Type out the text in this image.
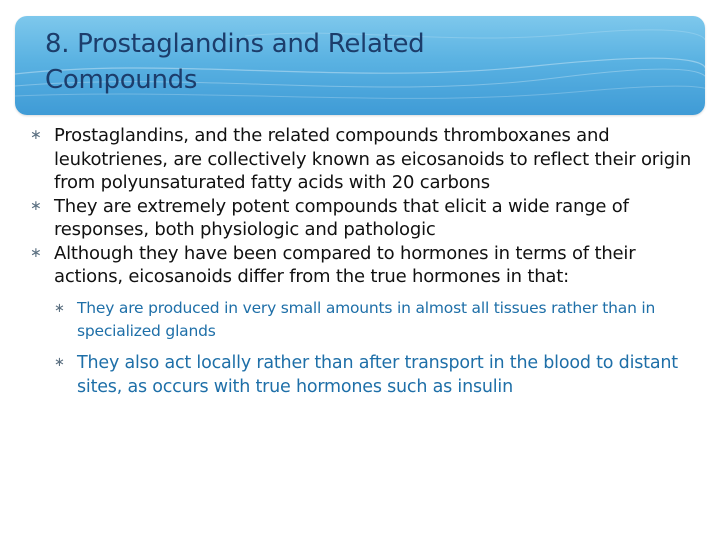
8. Prostaglandins and Related
Compounds
∗ Prostaglandins, and the related compounds thromboxanes and leukotrienes, are collectively known as eicosanoids to reflect their origin from polyunsaturated fatty acids with 20 carbons
∗ They are extremely potent compounds that elicit a wide range of responses, both physiologic and pathologic
∗ Although they have been compared to hormones in terms of their actions, eicosanoids differ from the true hormones in that:
∗ They are produced in very small amounts in almost all tissues rather than in specialized glands
∗ They also act locally rather than after transport in the blood to distant sites, as occurs with true hormones such as insulin
